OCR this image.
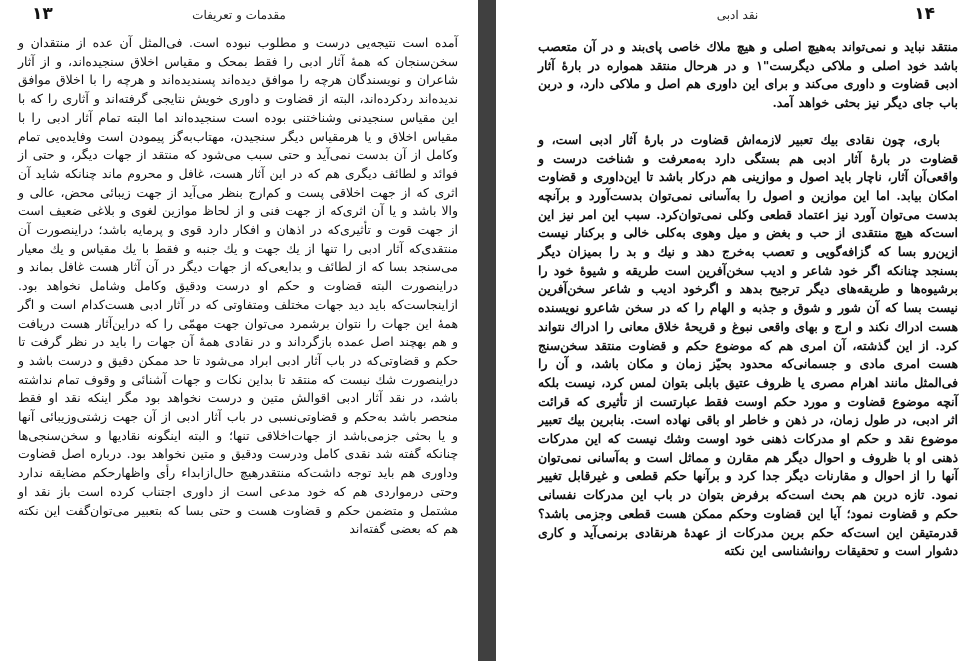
مقدمات و تعریفات
۱۳

آمده است نتیجه‌یی درست و مطلوب نبوده است. فی‌المثل آن عده از منتقدان و سخن‌سنجان که همهٔ آثار ادبی را فقط بمحک و مقیاس اخلاق سنجیده‌اند، و از آثار شاعران و نویسندگان هرچه را موافق دیده‌اند پسندیده‌اند و هرچه را با اخلاق موافق ندیده‌اند ردکرده‌اند، البته از قضاوت و داوری خویش نتایجی گرفته‌اند و آثاری را که با این مقیاس سنجیدنی وشناختنی بوده است سنجیده‌اند اما البته تمام آثار ادبی را با مقیاس اخلاق و یا هرمقیاس دیگر سنجیدن، مهتاب‌به‌گز پیمودن است وفایده‌یی تمام وکامل از آن بدست نمی‌آید و حتی سبب می‌شود که منتقد از جهات دیگر، و حتی از فوائد و لطائف دیگری هم که در این آثار هست، غافل و محروم ماند چنانکه شاید آن اثری که از جهت اخلاقی پست و کم‌ارج بنظر می‌آید از جهت زیبائی محض، عالی و والا باشد و یا آن اثری‌که از جهت فنی و از لحاظ موازین لغوی و بلاغی ضعیف است از جهت قوت و تأثیری‌که در اذهان و افکار دارد قوی و پرمایه باشد؛ دراینصورت آن منتقدی‌که آثار ادبی را تنها از یك جهت و یك جنبه و فقط با یك مقیاس و یك معیار می‌سنجد بسا که از لطائف و بدایعی‌که از جهات دیگر در آن آثار هست غافل بماند و دراینصورت البته قضاوت و حکم او درست ودقیق وکامل وشامل نخواهد بود. ازاینجاست‌که باید دید جهات مختلف ومتفاوتی که در آثار ادبی هست‌کدام است و اگر همهٔ این جهات را نتوان برشمرد می‌توان جهت مهمّی را که دراین‌آثار هست دریافت و هم بهچند اصل عمده بازگرداند و در نقادی همهٔ آن جهات را باید در نظر گرفت تا حکم و قضاوتی‌که در باب آثار ادبی ابراد می‌شود تا حد ممکن دقیق و درست باشد و دراینصورت شك نیست که منتقد تا بداین نکات و جهات آشنائی و وقوف تمام نداشته باشد، در نقد آثار ادبی اقوالش متین و درست نخواهد بود مگر اینکه نقد او فقط منحصر باشد به‌حکم و قضاوتی‌نسبی در باب آثار ادبی از آن جهت زشتی‌وزیبائی آنها و یا بحثی جزمی‌باشد از جهات‌اخلاقی تنها؛ و البته اینگونه نقادیها و سخن‌سنجی‌ها چنانکه گفته شد نقدی کامل ودرست ودقیق و متین نخواهد بود. درباره اصل قضاوت وداوری هم باید توجه داشت‌که منتقدرهیچ حال‌ازابداء رأی واظهارحکم مضایقه ندارد وحتی درمواردی هم که خود مدعی است از داوری اجتناب کرده است باز نقد او مشتمل و متضمن حکم و قضاوت هست و حتی بسا که بتعبیر می‌توان‌گفت این نکته هم که بعضی گفته‌اند

نقد ادبی	۱۴

منتقد نباید و نمی‌تواند به‌هیچ اصلی و هیچ ملاك خاصی پای‌بند و در آن متعصب باشد خود اصلی و ملاکی دیگرست"١ و در هرحال منتقد همواره در بارهٔ آثار ادبی قضاوت و داوری می‌کند و برای این داوری هم اصل و ملاکی دارد، و دربن باب جای دیگر نیز بحثی خواهد آمد.

باری، چون نقادی بیك تعبیر لازمه‌اش قضاوت در بارهٔ آثار ادبی است، و قضاوت در بارهٔ آثار ادبی هم بستگی دارد به‌معرفت و شناخت درست و واقعی‌آن آثار، ناچار باید اصول و موازینی هم درکار باشد تا این‌داوری و قضاوت امکان بیابد. اما این موازین و اصول را به‌آسانی نمی‌توان بدست‌آورد و برآنچه بدست می‌توان آورد نیز اعتماد قطعی وکلی نمی‌توان‌کرد. سبب این امر نیز این است‌که هیچ منتقدی از حب و بغض و میل وهوی به‌کلی خالی و برکنار نیست ازین‌رو بسا که گزافه‌گویی و تعصب به‌خرج دهد و نیك و بد را بمیزان دیگر بسنجد چنانکه اگر خود شاعر و ادیب سخن‌آفرین است طریقه و شیوهٔ خود را برشیوه‌ها و طریقه‌های دیگر ترجیح بدهد و اگرخود ادیب و شاعر سخن‌آفرین نیست بسا که آن شور و شوق و جذبه و الهام را که در سخن شاعرو نویسنده هست ادراك نکند و ارج و بهای واقعی نبوغ و قریحهٔ خلاق معانی را ادراك نتواند کرد. از این گذشته، آن امری هم که موضوع حکم و قضاوت منتقد سخن‌سنج هست امری مادی و جسمانی‌که محدود بحیّز زمان و مکان باشد، و آن را فی‌المثل مانند اهرام مصری یا ظروف عتیق بابلی بتوان لمس کرد، نیست بلکه آنچه موضوع قضاوت و مورد حکم اوست فقط عبارتست از تأثیری که قرائت اثر ادبی، در طول زمان، در ذهن و خاطر او باقی نهاده است. بنابرین بیك تعبیر موضوع نقد و حکم او مدرکات ذهنی خود اوست وشك نیست که این مدرکات ذهنی او با ظروف و احوال دیگر هم مقارن و مماثل است و به‌آسانی نمی‌توان آنها را از احوال و مقارنات دیگر جدا کرد و برآنها حکم قطعی و غیرقابل تغییر نمود. تازه دربن هم بحث است‌که برفرض بتوان در باب این مدرکات نفسانی حکم و قضاوت نمود؛ آیا این قضاوت وحکم ممکن هست قطعی وجزمی باشد؟ قدرمتیقن این است‌که حکم برین مدرکات از عهدهٔ هرنقادی برنمی‌آید و کاری دشوار است و تحقیقات روانشناسی این نکته
